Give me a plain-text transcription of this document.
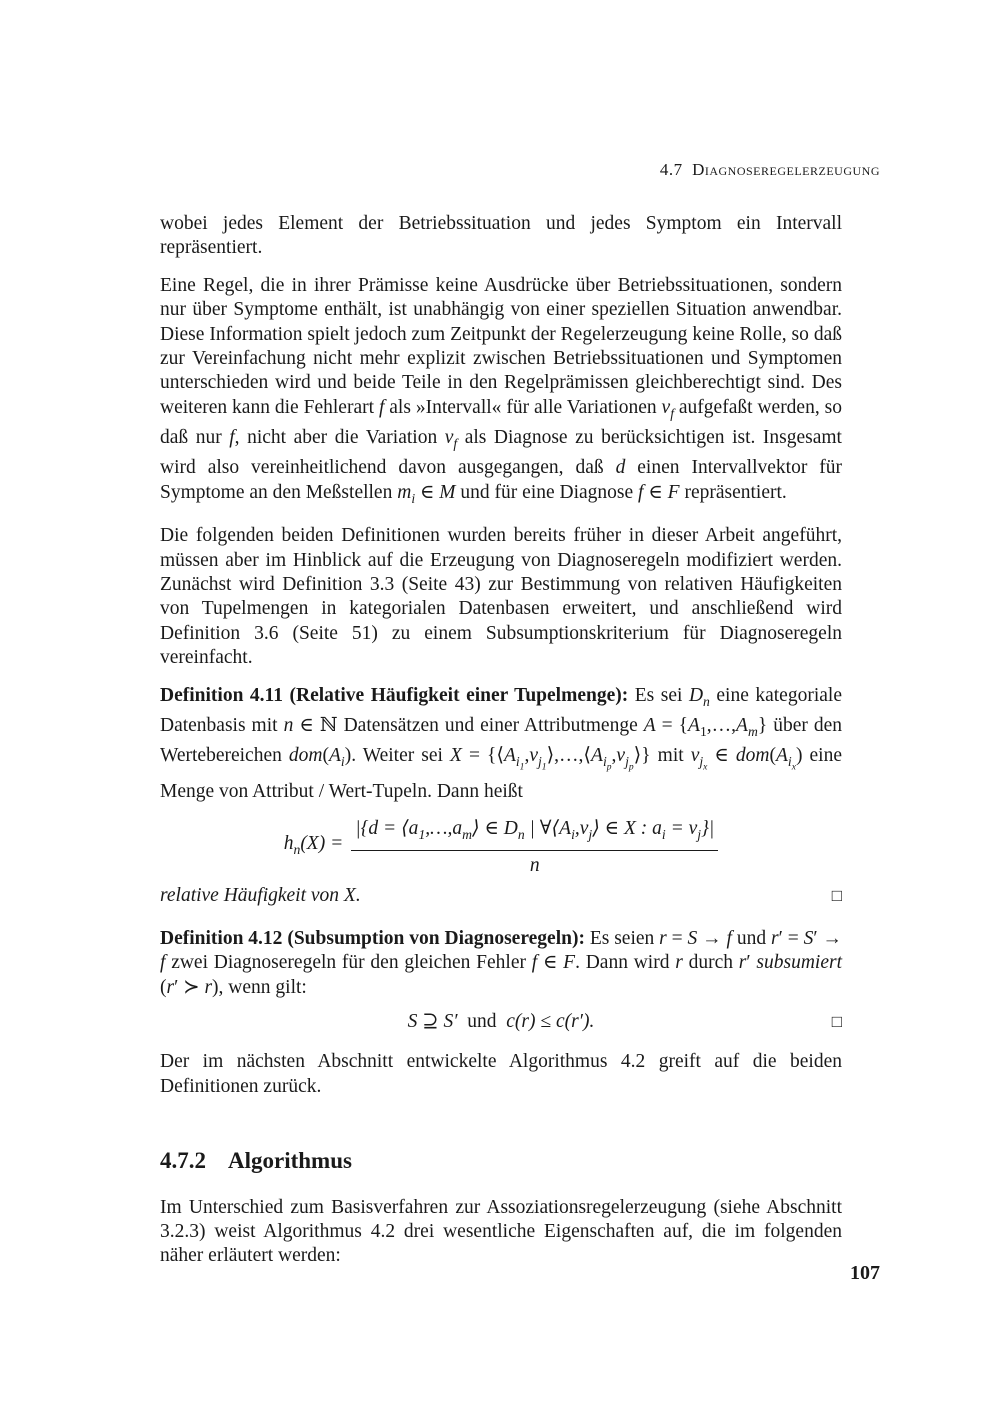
4.7 Diagnoseregelerzeugung

wobei jedes Element der Betriebssituation und jedes Symptom ein Intervall repräsentiert.

Eine Regel, die in ihrer Prämisse keine Ausdrücke über Betriebssituationen, sondern nur über Symptome enthält, ist unabhängig von einer speziellen Situation anwendbar. Diese Information spielt jedoch zum Zeitpunkt der Regelerzeugung keine Rolle, so daß zur Vereinfachung nicht mehr explizit zwischen Betriebssituationen und Symptomen unterschieden wird und beide Teile in den Regelprämissen gleichberechtigt sind. Des weiteren kann die Fehlerart f als »Intervall« für alle Variationen $v_f$ aufgefaßt werden, so daß nur f, nicht aber die Variation $v_f$ als Diagnose zu berücksichtigen ist. Insgesamt wird also vereinheitlichend davon ausgegangen, daß d einen Intervallvektor für Symptome an den Meßstellen $m_i$ ∈ M und für eine Diagnose f ∈ F repräsentiert.

Die folgenden beiden Definitionen wurden bereits früher in dieser Arbeit angeführt, müssen aber im Hinblick auf die Erzeugung von Diagnoseregeln modifiziert werden. Zunächst wird Definition 3.3 (Seite 43) zur Bestimmung von relativen Häufigkeiten von Tupelmengen in kategorialen Datenbasen erweitert, und anschließend wird Definition 3.6 (Seite 51) zu einem Subsumptionskriterium für Diagnoseregeln vereinfacht.

Definition 4.11 (Relative Häufigkeit einer Tupelmenge): Es sei $D_n$ eine kategoriale Datenbasis mit n ∈ ℕ Datensätzen und einer Attributmenge $A = \{A_1,\dots,A_m\}$ über den Wertebereichen $dom(A_i)$. Weiter sei $X = \{⟨A_{i_1},v_{j_1}⟩,\dots,⟨A_{i_p},v_{j_p}⟩\}$ mit $v_{j_x}$ ∈ $dom(A_{i_x})$ eine Menge von Attribut / Wert-Tupeln. Dann heißt

$h_n(X) = \frac{|\{d = ⟨a_1,\dots,a_m⟩ \in D_n | \forall⟨A_i,v_j⟩ \in X : a_i = v_j\}|}{n}$
relative Häufigkeit von X.	□

Definition 4.12 (Subsumption von Diagnoseregeln): Es seien r = S → f und r′ = S′ → f zwei Diagnoseregeln für den gleichen Fehler f ∈ F. Dann wird r durch r′ subsumiert (r′ ≻ r), wenn gilt:

S ⊇ S′  und  c(r) ≤ c(r′).	□

Der im nächsten Abschnitt entwickelte Algorithmus 4.2 greift auf die beiden Definitionen zurück.

4.7.2 Algorithmus

Im Unterschied zum Basisverfahren zur Assoziationsregelerzeugung (siehe Abschnitt 3.2.3) weist Algorithmus 4.2 drei wesentliche Eigenschaften auf, die im folgenden näher erläutert werden:

107
